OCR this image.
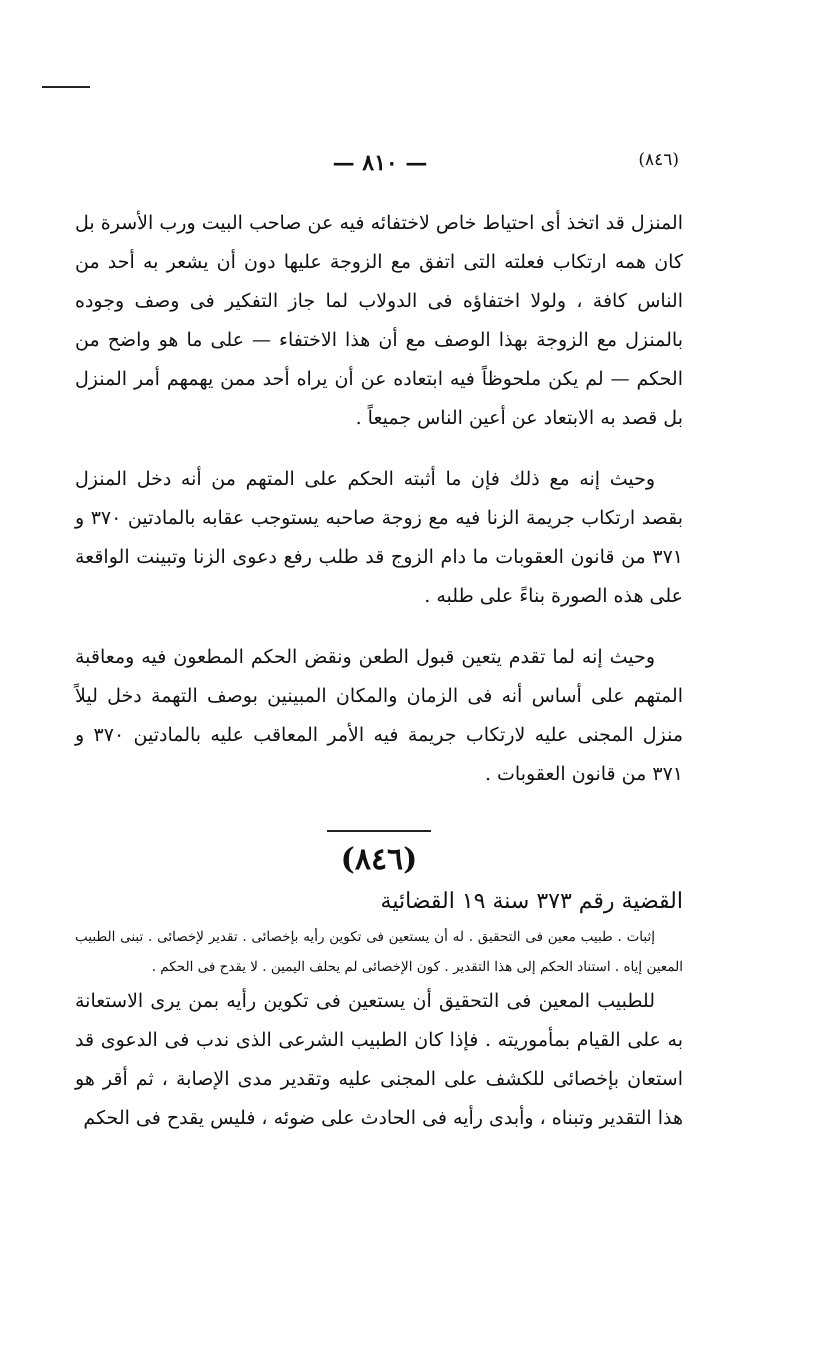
— ٨١٠ —	(٨٤٦)

المنزل قد اتخذ أى احتياط خاص لاختفائه فيه عن صاحب البيت ورب الأسرة بل كان همه ارتكاب فعلته التى اتفق مع الزوجة عليها دون أن يشعر به أحد من الناس كافة ، ولولا اختفاؤه فى الدولاب لما جاز التفكير فى وصف وجوده بالمنزل مع الزوجة بهذا الوصف مع أن هذا الاختفاء — على ما هو واضح من الحكم — لم يكن ملحوظاً فيه ابتعاده عن أن يراه أحد ممن يهمهم أمر المنزل بل قصد به الابتعاد عن أعين الناس جميعاً .

وحيث إنه مع ذلك فإن ما أثبته الحكم على المتهم من أنه دخل المنزل بقصد ارتكاب جريمة الزنا فيه مع زوجة صاحبه يستوجب عقابه بالمادتين ٣٧٠ و ٣٧١ من قانون العقوبات ما دام الزوج قد طلب رفع دعوى الزنا وتبينت الواقعة على هذه الصورة بناءً على طلبه .

وحيث إنه لما تقدم يتعين قبول الطعن ونقض الحكم المطعون فيه ومعاقبة المتهم على أساس أنه فى الزمان والمكان المبينين بوصف التهمة دخل ليلاً منزل المجنى عليه لارتكاب جريمة فيه الأمر المعاقب عليه بالمادتين ٣٧٠ و ٣٧١ من قانون العقوبات .

(٨٤٦)
القضية رقم ٣٧٣ سنة ١٩ القضائية

إثبات . طبيب معين فى التحقيق . له أن يستعين فى تكوين رأيه بإخصائى . تقدير لإخصائى . تبنى الطبيب المعين إياه . استناد الحكم إلى هذا التقدير . كون الإخصائى لم يحلف اليمين . لا يقدح فى الحكم .

للطبيب المعين فى التحقيق أن يستعين فى تكوين رأيه بمن يرى الاستعانة به على القيام بمأموريته . فإذا كان الطبيب الشرعى الذى ندب فى الدعوى قد استعان بإخصائى للكشف على المجنى عليه وتقدير مدى الإصابة ، ثم أقر هو هذا التقدير وتبناه ، وأبدى رأيه فى الحادث على ضوئه ، فليس يقدح فى الحكم
